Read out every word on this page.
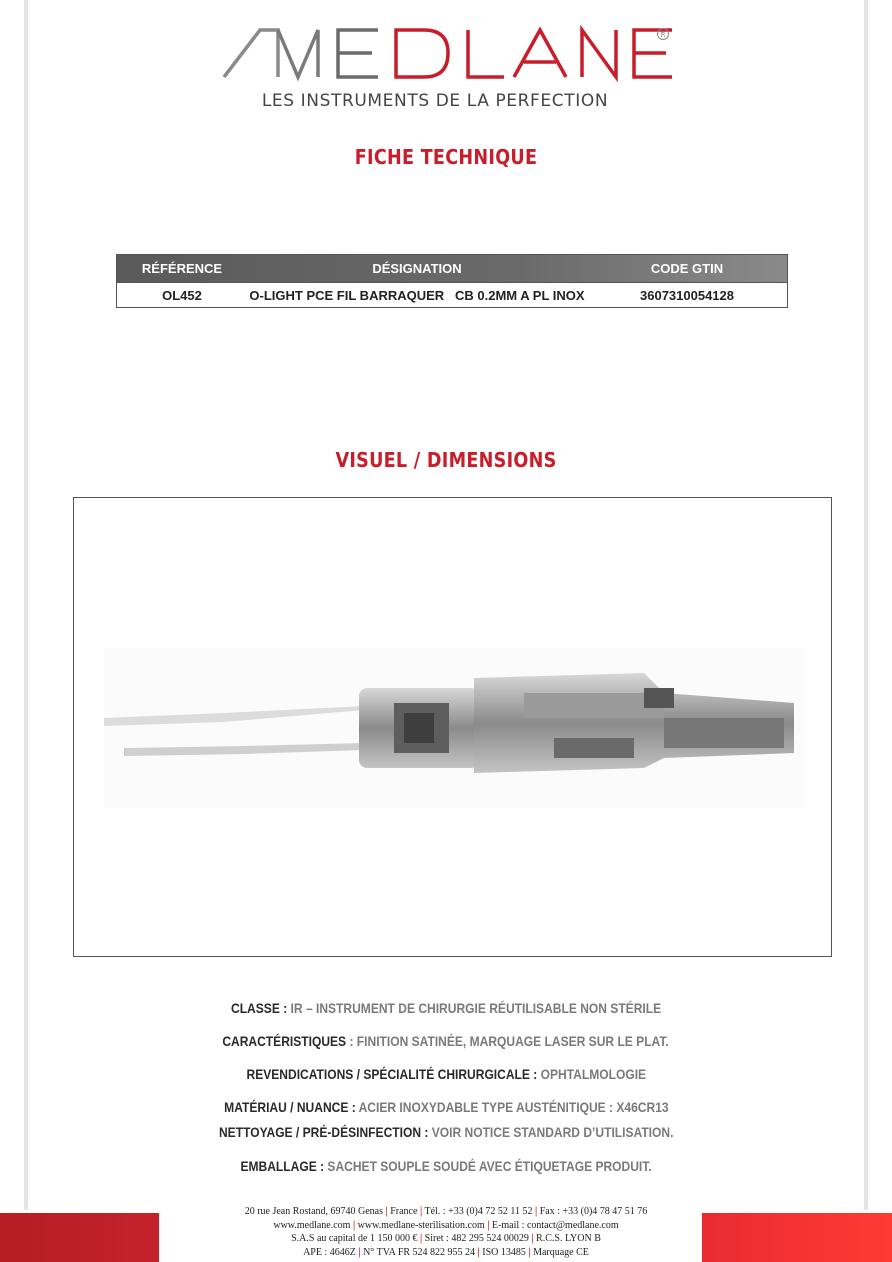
R
LES INSTRUMENTS DE LA PERFECTION
FICHE TECHNIQUE
RÉFÉRENCE	DÉSIGNATION	CODE GTIN
OL452	O-LIGHT PCE FIL BARRAQUER   CB 0.2MM A PL INOX	3607310054128
VISUEL / DIMENSIONS
CLASSE : IR – INSTRUMENT DE CHIRURGIE RÉUTILISABLE NON STÉRILE
CARACTÉRISTIQUES : FINITION SATINÉE, MARQUAGE LASER SUR LE PLAT.
REVENDICATIONS / SPÉCIALITÉ CHIRURGICALE : OPHTALMOLOGIE
MATÉRIAU / NUANCE : ACIER INOXYDABLE TYPE AUSTÉNITIQUE : X46CR13
NETTOYAGE / PRÉ-DÉSINFECTION : VOIR NOTICE STANDARD D’UTILISATION.
EMBALLAGE : SACHET SOUPLE SOUDÉ AVEC ÉTIQUETAGE PRODUIT.
20 rue Jean Rostand, 69740 Genas | France | Tél. : +33 (0)4 72 52 11 52 | Fax : +33 (0)4 78 47 51 76
www.medlane.com | www.medlane-sterilisation.com | E-mail : contact@medlane.com
S.A.S au capital de 1 150 000 € | Siret : 482 295 524 00029 | R.C.S. LYON B
APE : 4646Z | N° TVA FR 524 822 955 24 | ISO 13485 | Marquage CE
